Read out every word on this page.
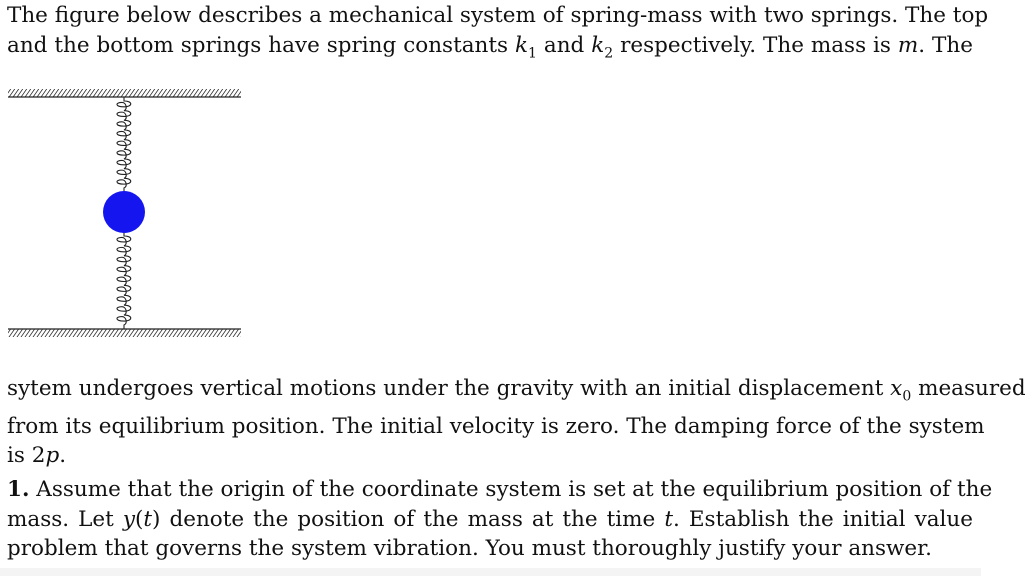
The figure below describes a mechanical system of spring-mass with two springs. The top
and the bottom springs have spring constants $k_1$ and $k_2$ respectively. The mass is m. The
sytem undergoes vertical motions under the gravity with an initial displacement $x_0$ measured
from its equilibrium position. The initial velocity is zero. The damping force of the system
is 2p.
1. Assume that the origin of the coordinate system is set at the equilibrium position of the
mass. Let y(t) denote the position of the mass at the time t. Establish the initial value
problem that governs the system vibration. You must thoroughly justify your answer.
